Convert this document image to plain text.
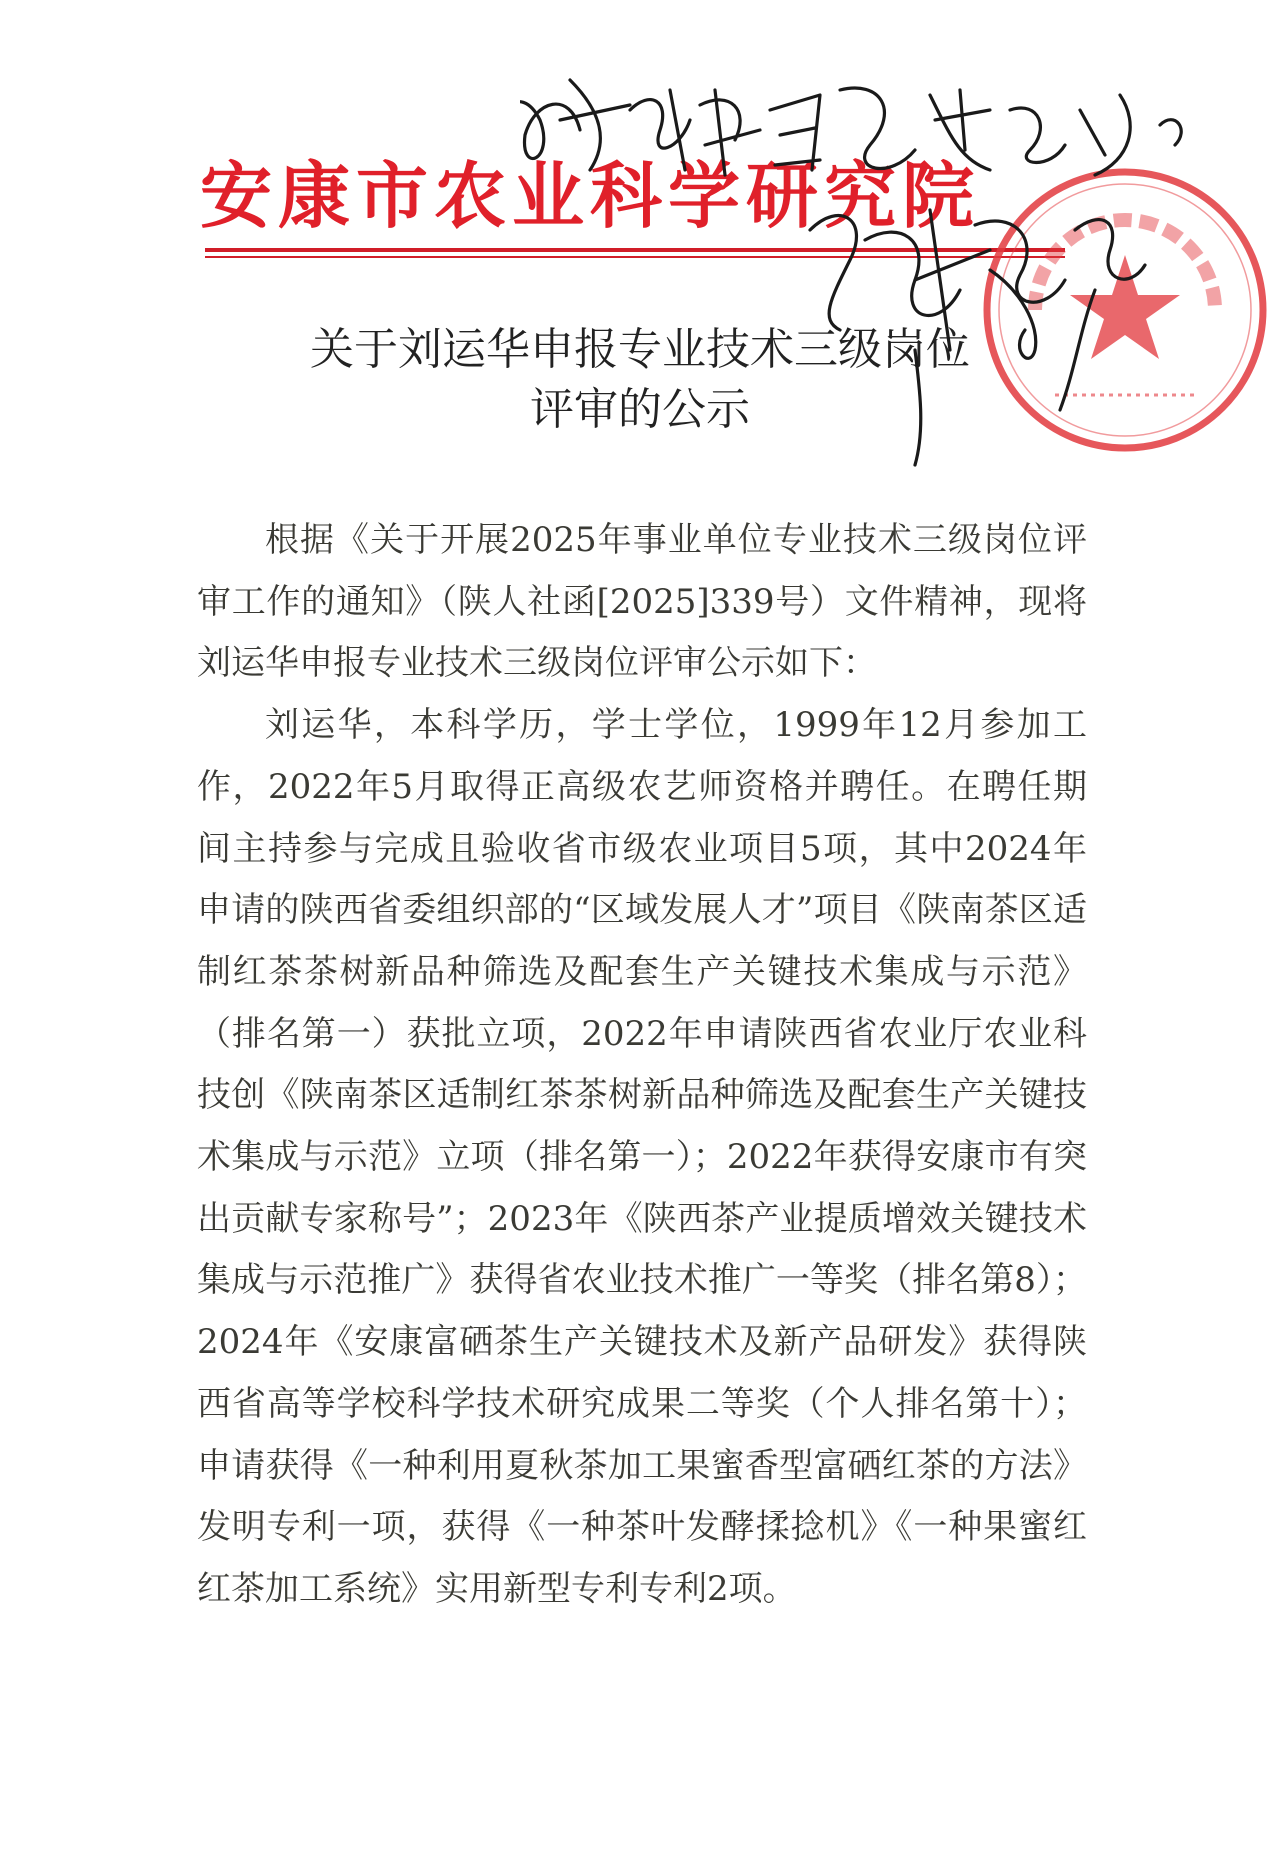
安康市农业科学研究院
关于刘运华申报专业技术三级岗位
评审的公示

根据《关于开展2025年事业单位专业技术三级岗位评审工作的通知》（陕人社函[2025]339号）文件精神，现将刘运华申报专业技术三级岗位评审公示如下：

刘运华，本科学历，学士学位，1999年12月参加工作，2022年5月取得正高级农艺师资格并聘任。在聘任期间主持参与完成且验收省市级农业项目5项，其中2024年申请的陕西省委组织部的“区域发展人才”项目《陕南茶区适制红茶茶树新品种筛选及配套生产关键技术集成与示范》（排名第一）获批立项，2022年申请陕西省农业厅农业科技创《陕南茶区适制红茶茶树新品种筛选及配套生产关键技术集成与示范》立项（排名第一）；2022年获得安康市有突出贡献专家称号”；2023年《陕西茶产业提质增效关键技术集成与示范推广》获得省农业技术推广一等奖（排名第8）；2024年《安康富硒茶生产关键技术及新产品研发》获得陕西省高等学校科学技术研究成果二等奖（个人排名第十）；申请获得《一种利用夏秋茶加工果蜜香型富硒红茶的方法》发明专利一项，获得《一种茶叶发酵揉捻机》《一种果蜜红红茶加工系统》实用新型专利专利2项。
